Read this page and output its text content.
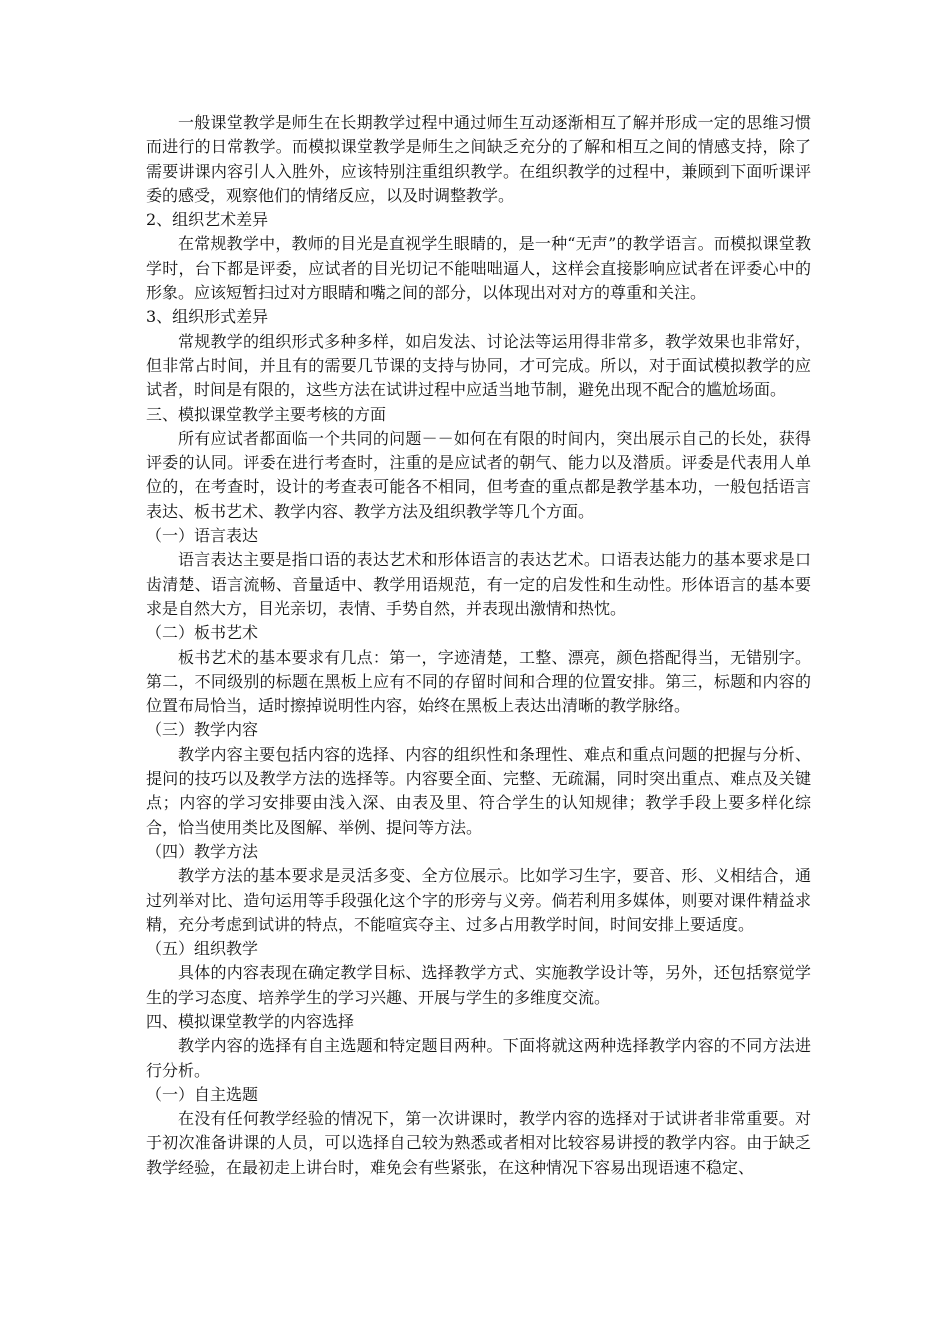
一般课堂教学是师生在长期教学过程中通过师生互动逐渐相互了解并形成一定的思维习惯而进行的日常教学。而模拟课堂教学是师生之间缺乏充分的了解和相互之间的情感支持，除了需要讲课内容引人入胜外，应该特别注重组织教学。在组织教学的过程中，兼顾到下面听课评委的感受，观察他们的情绪反应，以及时调整教学。

2、组织艺术差异

在常规教学中，教师的目光是直视学生眼睛的，是一种“无声”的教学语言。而模拟课堂教学时，台下都是评委，应试者的目光切记不能咄咄逼人，这样会直接影响应试者在评委心中的形象。应该短暂扫过对方眼睛和嘴之间的部分，以体现出对对方的尊重和关注。

3、组织形式差异

常规教学的组织形式多种多样，如启发法、讨论法等运用得非常多，教学效果也非常好，但非常占时间，并且有的需要几节课的支持与协同，才可完成。所以，对于面试模拟教学的应试者，时间是有限的，这些方法在试讲过程中应适当地节制，避免出现不配合的尴尬场面。

三、模拟课堂教学主要考核的方面

所有应试者都面临一个共同的问题－－如何在有限的时间内，突出展示自己的长处，获得评委的认同。评委在进行考查时，注重的是应试者的朝气、能力以及潜质。评委是代表用人单位的，在考查时，设计的考查表可能各不相同，但考查的重点都是教学基本功，一般包括语言表达、板书艺术、教学内容、教学方法及组织教学等几个方面。

（一）语言表达

语言表达主要是指口语的表达艺术和形体语言的表达艺术。口语表达能力的基本要求是口齿清楚、语言流畅、音量适中、教学用语规范，有一定的启发性和生动性。形体语言的基本要求是自然大方，目光亲切，表情、手势自然，并表现出激情和热忱。

（二）板书艺术

板书艺术的基本要求有几点：第一，字迹清楚，工整、漂亮，颜色搭配得当，无错别字。第二，不同级别的标题在黑板上应有不同的存留时间和合理的位置安排。第三，标题和内容的位置布局恰当，适时擦掉说明性内容，始终在黑板上表达出清晰的教学脉络。

（三）教学内容

教学内容主要包括内容的选择、内容的组织性和条理性、难点和重点问题的把握与分析、提问的技巧以及教学方法的选择等。内容要全面、完整、无疏漏，同时突出重点、难点及关键点；内容的学习安排要由浅入深、由表及里、符合学生的认知规律；教学手段上要多样化综合，恰当使用类比及图解、举例、提问等方法。

（四）教学方法

教学方法的基本要求是灵活多变、全方位展示。比如学习生字，要音、形、义相结合，通过列举对比、造句运用等手段强化这个字的形旁与义旁。倘若利用多媒体，则要对课件精益求精，充分考虑到试讲的特点，不能喧宾夺主、过多占用教学时间，时间安排上要适度。

（五）组织教学

具体的内容表现在确定教学目标、选择教学方式、实施教学设计等，另外，还包括察觉学生的学习态度、培养学生的学习兴趣、开展与学生的多维度交流。

四、模拟课堂教学的内容选择

教学内容的选择有自主选题和特定题目两种。下面将就这两种选择教学内容的不同方法进行分析。

（一）自主选题

在没有任何教学经验的情况下，第一次讲课时，教学内容的选择对于试讲者非常重要。对于初次准备讲课的人员，可以选择自己较为熟悉或者相对比较容易讲授的教学内容。由于缺乏教学经验，在最初走上讲台时，难免会有些紧张，在这种情况下容易出现语速不稳定、
